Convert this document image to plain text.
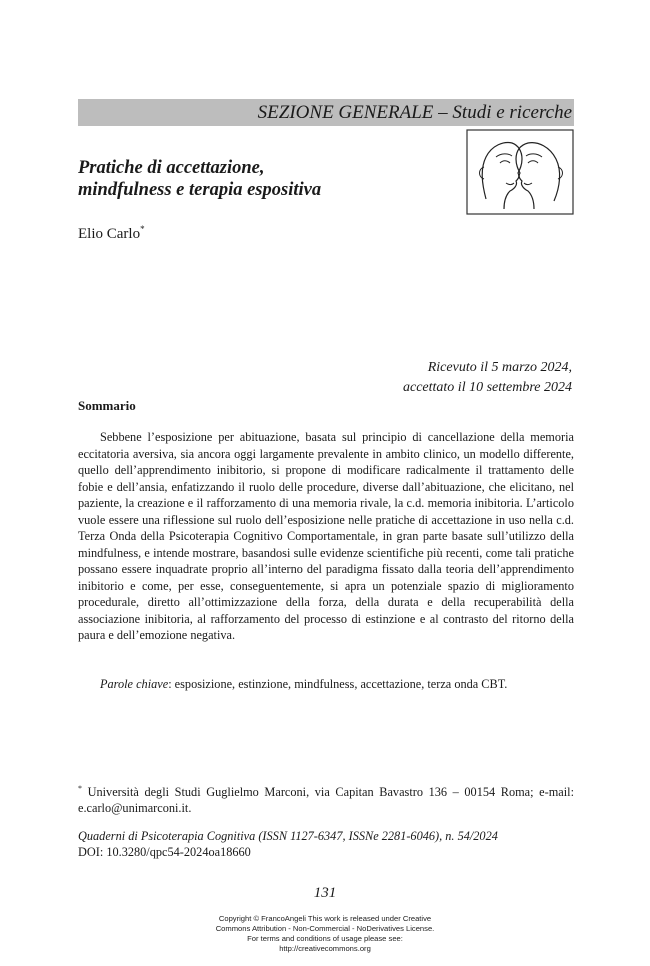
SEZIONE GENERALE – Studi e ricerche
Pratiche di accettazione,
mindfulness e terapia espositiva
Elio Carlo*
Ricevuto il 5 marzo 2024,
accettato il 10 settembre 2024
Sommario

Sebbene l’esposizione per abituazione, basata sul principio di cancellazione della memoria eccitatoria aversiva, sia ancora oggi largamente prevalente in ambito clinico, un modello differente, quello dell’apprendimento inibitorio, si propone di modificare radicalmente il trattamento delle fobie e dell’ansia, enfatizzando il ruolo delle procedure, diverse dall’abituazione, che elicitano, nel paziente, la creazione e il rafforzamento di una memoria rivale, la c.d. memoria inibitoria. L’articolo vuole essere una riflessione sul ruolo dell’esposizione nelle pratiche di accettazione in uso nella c.d. Terza Onda della Psicoterapia Cognitivo Comportamentale, in gran parte basate sull’utilizzo della mindfulness, e intende mostrare, basandosi sulle evidenze scientifiche più recenti, come tali pratiche possano essere inquadrate proprio all’interno del paradigma fissato dalla teoria dell’apprendimento inibitorio e come, per esse, conseguentemente, si apra un potenziale spazio di miglioramento procedurale, diretto all’ottimizzazione della forza, della durata e della recuperabilità della associazione inibitoria, al rafforzamento del processo di estinzione e al contrasto del ritorno della paura e dell’emozione negativa.

Parole chiave: esposizione, estinzione, mindfulness, accettazione, terza onda CBT.

* Università degli Studi Guglielmo Marconi, via Capitan Bavastro 136 – 00154 Roma; e-mail: e.carlo@unimarconi.it.

Quaderni di Psicoterapia Cognitiva (ISSN 1127-6347, ISSNe 2281-6046), n. 54/2024
DOI: 10.3280/qpc54-2024oa18660
131
Copyright © FrancoAngeli This work is released under Creative
Commons Attribution - Non-Commercial - NoDerivatives License.
For terms and conditions of usage please see:
http://creativecommons.org
